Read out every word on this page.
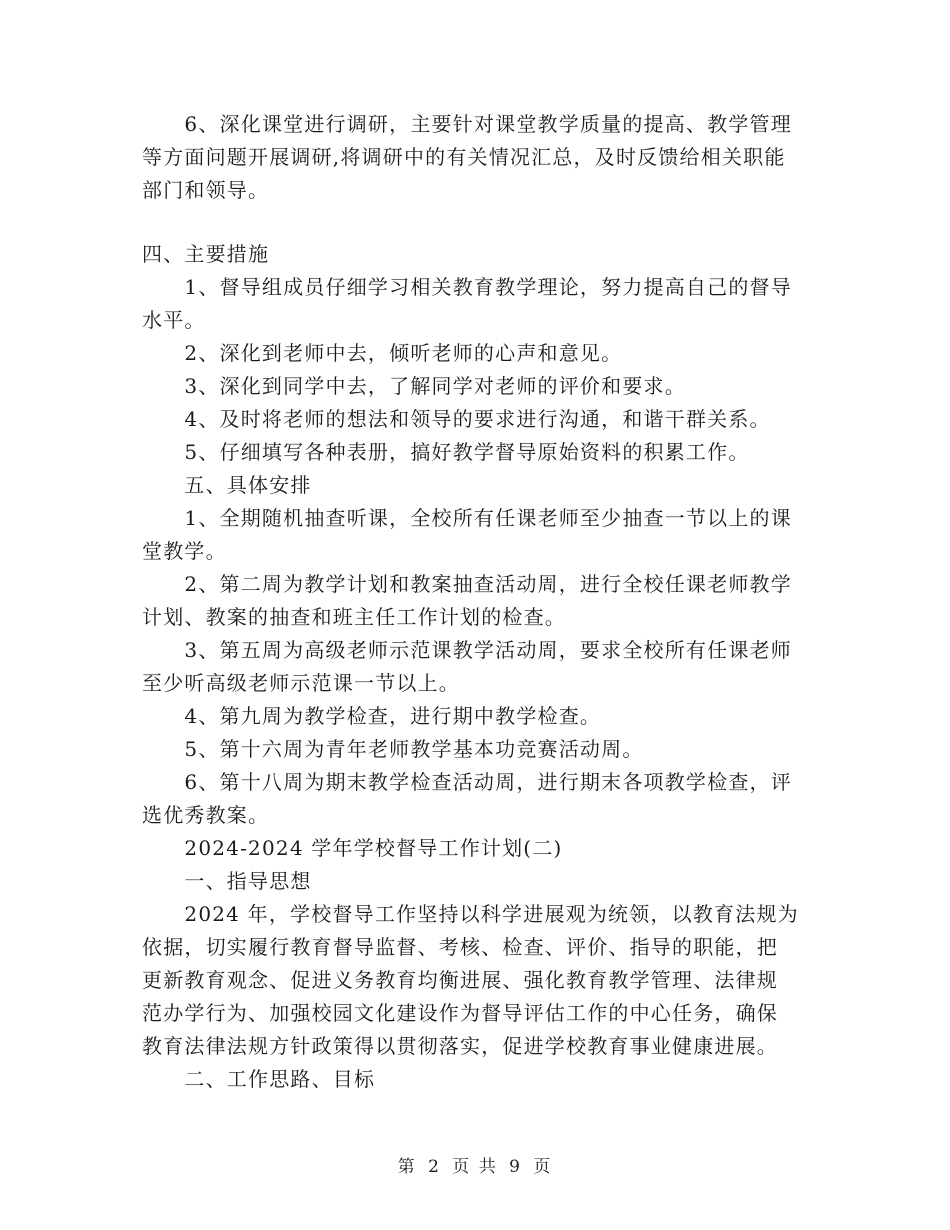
　　6、深化课堂进行调研，主要针对课堂教学质量的提高、教学管理
等方面问题开展调研,将调研中的有关情况汇总，及时反馈给相关职能
部门和领导。
四、主要措施
　　1、督导组成员仔细学习相关教育教学理论，努力提高自己的督导
水平。
　　2、深化到老师中去，倾听老师的心声和意见。
　　3、深化到同学中去，了解同学对老师的评价和要求。
　　4、及时将老师的想法和领导的要求进行沟通，和谐干群关系。
　　5、仔细填写各种表册，搞好教学督导原始资料的积累工作。
　　五、具体安排
　　1、全期随机抽查听课，全校所有任课老师至少抽查一节以上的课
堂教学。
　　2、第二周为教学计划和教案抽查活动周，进行全校任课老师教学
计划、教案的抽查和班主任工作计划的检查。
　　3、第五周为高级老师示范课教学活动周，要求全校所有任课老师
至少听高级老师示范课一节以上。
　　4、第九周为教学检查，进行期中教学检查。
　　5、第十六周为青年老师教学基本功竞赛活动周。
　　6、第十八周为期末教学检查活动周，进行期末各项教学检查，评
选优秀教案。
　　2024-2024 学年学校督导工作计划(二)
　　一、指导思想
　　2024 年，学校督导工作坚持以科学进展观为统领，以教育法规为
依据，切实履行教育督导监督、考核、检查、评价、指导的职能，把
更新教育观念、促进义务教育均衡进展、强化教育教学管理、法律规
范办学行为、加强校园文化建设作为督导评估工作的中心任务，确保
教育法律法规方针政策得以贯彻落实，促进学校教育事业健康进展。
　　二、工作思路、目标
第 2 页 共 9 页
